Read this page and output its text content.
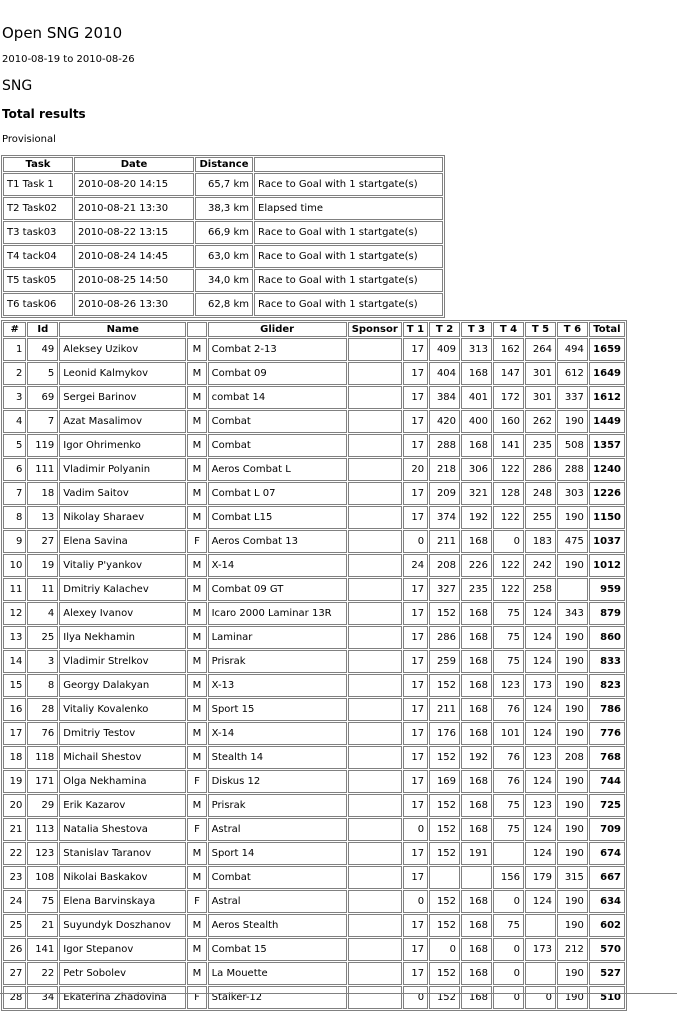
Open SNG 2010
2010-08-19 to 2010-08-26
SNG
Total results
Provisional
Task	Date	Distance	
T1 Task 1	2010-08-20 14:15	65,7 km	Race to Goal with 1 startgate(s)
T2 Task02	2010-08-21 13:30	38,3 km	Elapsed time
T3 task03	2010-08-22 13:15	66,9 km	Race to Goal with 1 startgate(s)
T4 tack04	2010-08-24 14:45	63,0 km	Race to Goal with 1 startgate(s)
T5 task05	2010-08-25 14:50	34,0 km	Race to Goal with 1 startgate(s)
T6 task06	2010-08-26 13:30	62,8 km	Race to Goal with 1 startgate(s)
#	Id	Name		Glider	Sponsor	T 1	T 2	T 3	T 4	T 5	T 6	Total
1	49	Aleksey Uzikov	M	Combat 2-13		17	409	313	162	264	494	1659
2	5	Leonid Kalmykov	M	Combat 09		17	404	168	147	301	612	1649
3	69	Sergei Barinov	M	combat 14		17	384	401	172	301	337	1612
4	7	Azat Masalimov	M	Combat		17	420	400	160	262	190	1449
5	119	Igor Ohrimenko	M	Combat		17	288	168	141	235	508	1357
6	111	Vladimir Polyanin	M	Aeros Combat L		20	218	306	122	286	288	1240
7	18	Vadim Saitov	M	Combat L 07		17	209	321	128	248	303	1226
8	13	Nikolay Sharaev	M	Combat L15		17	374	192	122	255	190	1150
9	27	Elena Savina	F	Aeros Combat 13		0	211	168	0	183	475	1037
10	19	Vitaliy P'yankov	M	X-14		24	208	226	122	242	190	1012
11	11	Dmitriy Kalachev	M	Combat 09 GT		17	327	235	122	258		959
12	4	Alexey Ivanov	M	Icaro 2000 Laminar 13R		17	152	168	75	124	343	879
13	25	Ilya Nekhamin	M	Laminar		17	286	168	75	124	190	860
14	3	Vladimir Strelkov	M	Prisrak		17	259	168	75	124	190	833
15	8	Georgy Dalakyan	M	X-13		17	152	168	123	173	190	823
16	28	Vitaliy Kovalenko	M	Sport 15		17	211	168	76	124	190	786
17	76	Dmitriy Testov	M	X-14		17	176	168	101	124	190	776
18	118	Michail Shestov	M	Stealth 14		17	152	192	76	123	208	768
19	171	Olga Nekhamina	F	Diskus 12		17	169	168	76	124	190	744
20	29	Erik Kazarov	M	Prisrak		17	152	168	75	123	190	725
21	113	Natalia Shestova	F	Astral		0	152	168	75	124	190	709
22	123	Stanislav Taranov	M	Sport 14		17	152	191		124	190	674
23	108	Nikolai Baskakov	M	Combat		17			156	179	315	667
24	75	Elena Barvinskaya	F	Astral		0	152	168	0	124	190	634
25	21	Suyundyk Doszhanov	M	Aeros Stealth		17	152	168	75		190	602
26	141	Igor Stepanov	M	Combat 15		17	0	168	0	173	212	570
27	22	Petr Sobolev	M	La Mouette		17	152	168	0		190	527
28	34	Ekaterina Zhadovina	F	Stalker-12		0	152	168	0	0	190	510
